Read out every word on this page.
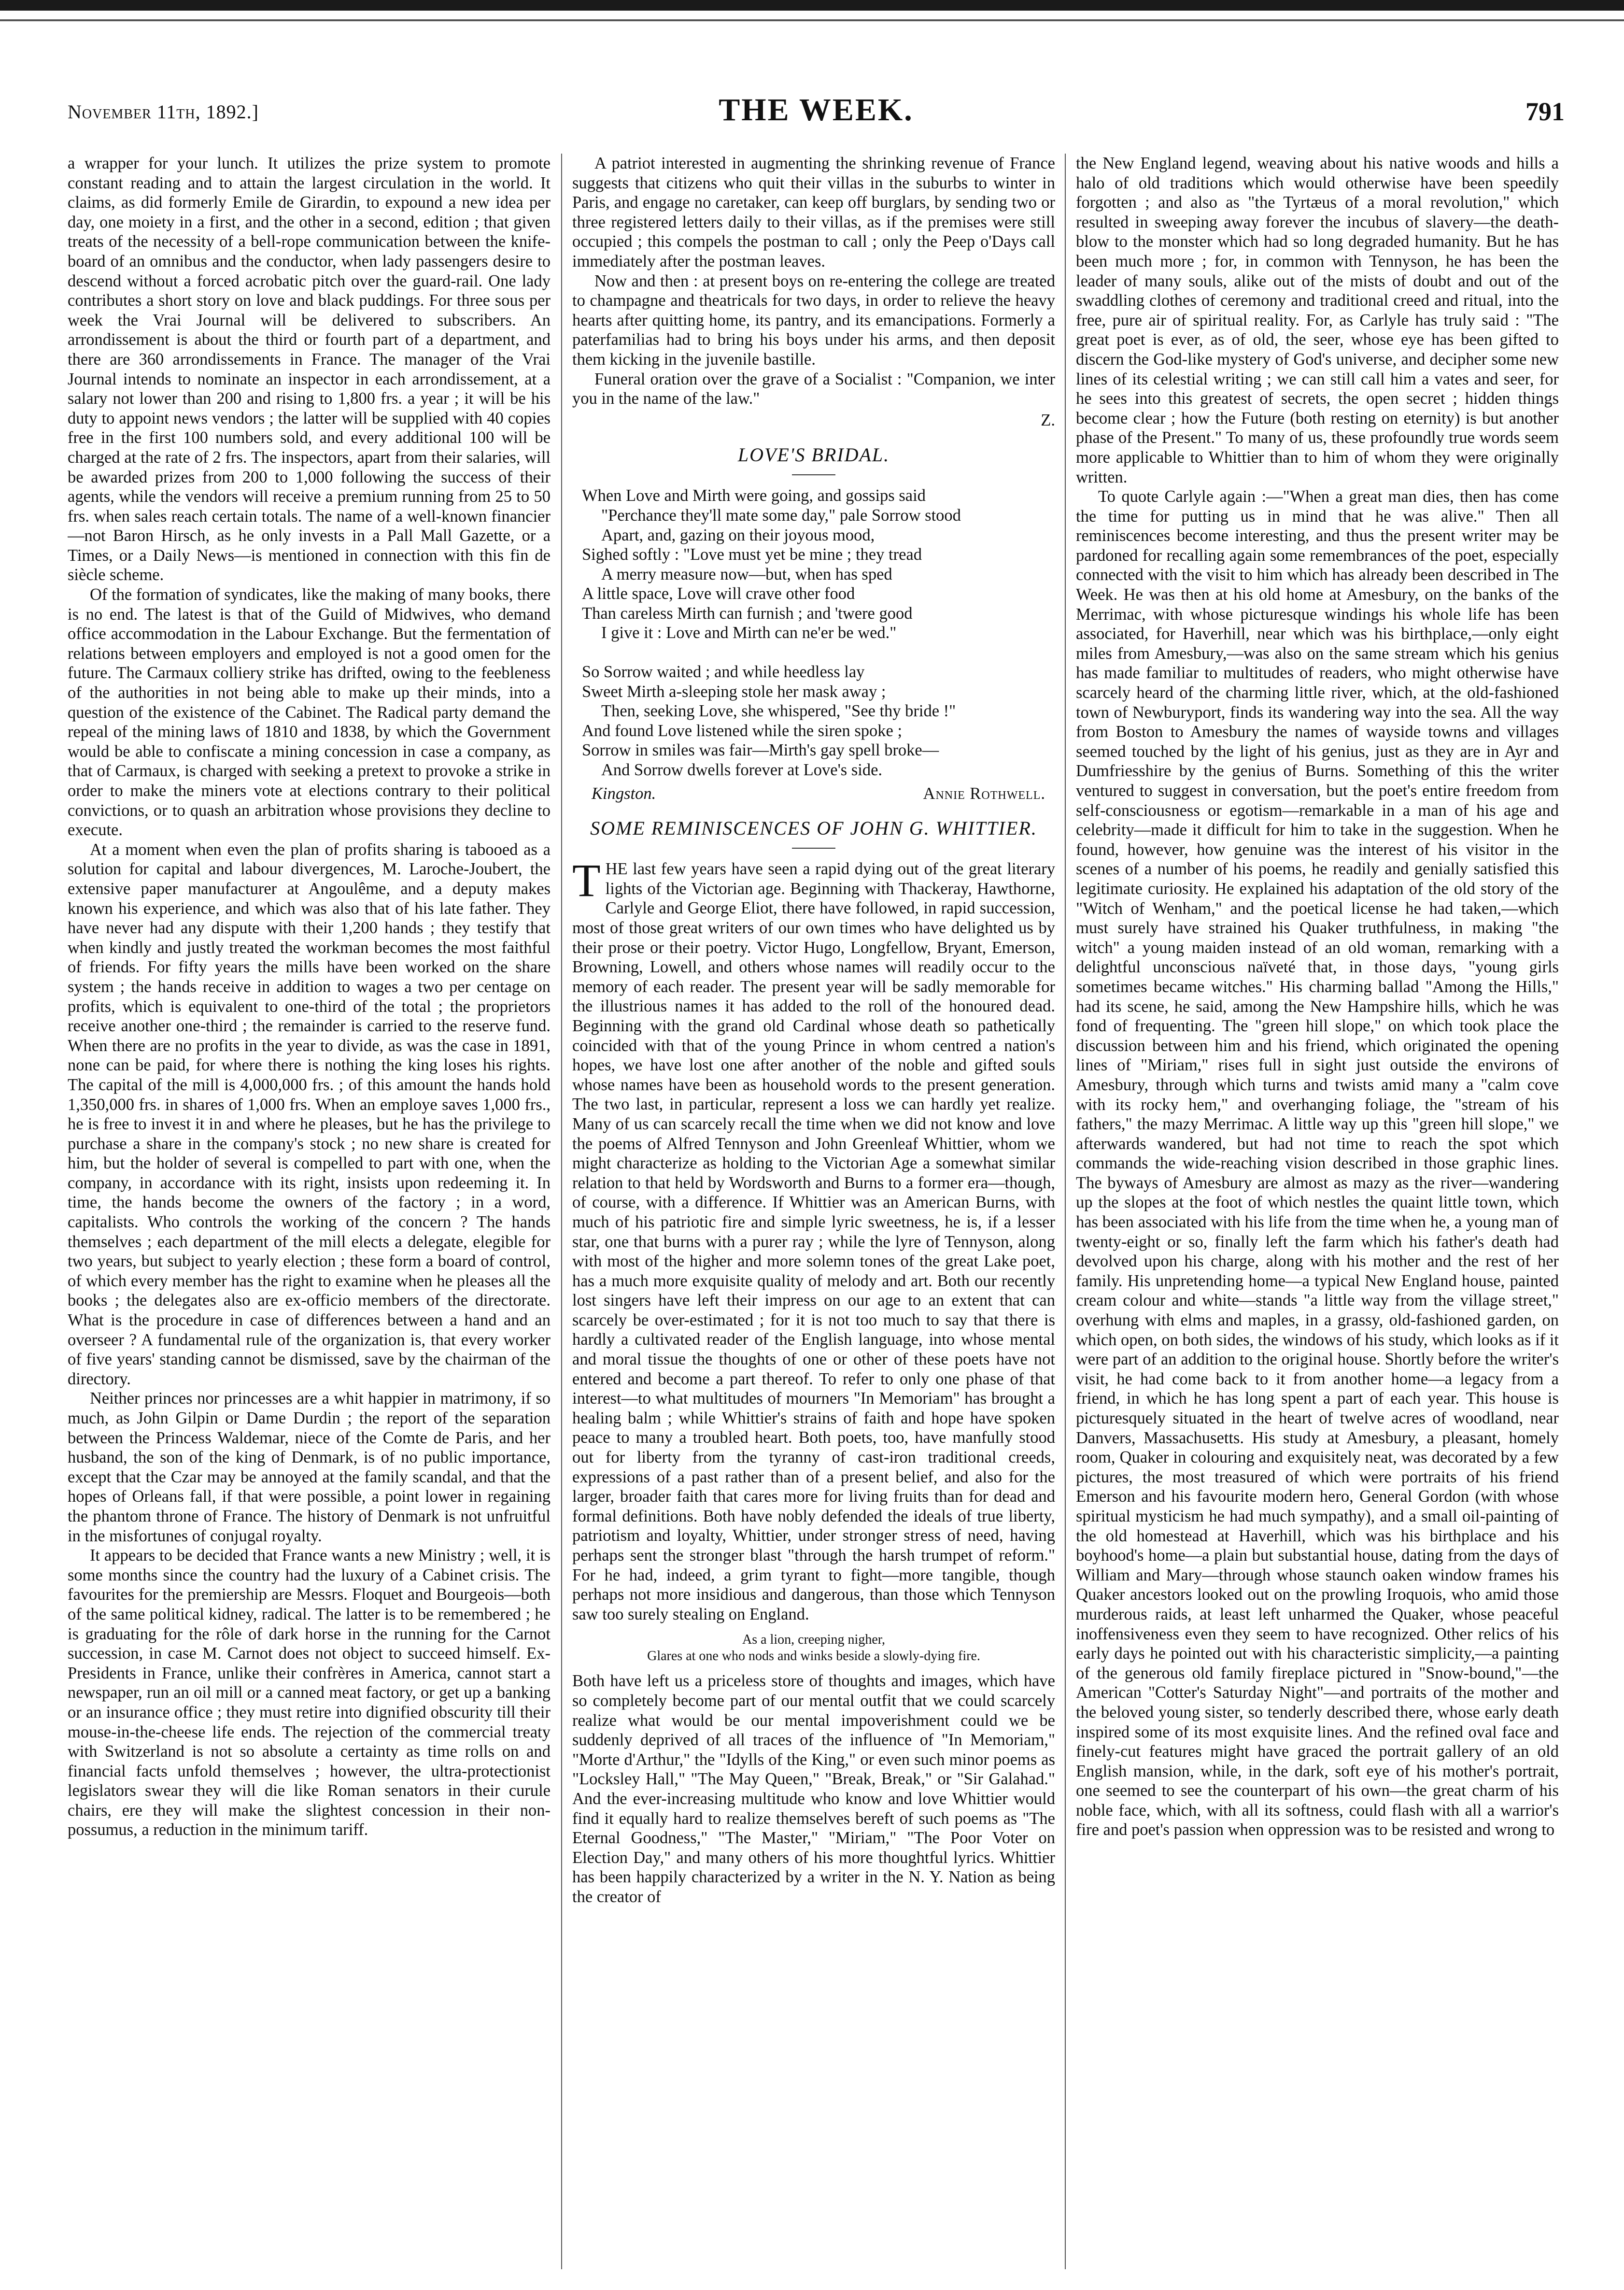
THE WEEK.
November 11th, 1892.]	791

a wrapper for your lunch. It utilizes the prize system to promote constant reading and to attain the largest circulation in the world. It claims, as did formerly Emile de Girardin, to expound a new idea per day, one moiety in a first, and the other in a second, edition ; that given treats of the necessity of a bell-rope communication between the knife-board of an omnibus and the conductor, when lady passengers desire to descend without a forced acrobatic pitch over the guard-rail. One lady contributes a short story on love and black puddings. For three sous per week the Vrai Journal will be delivered to subscribers. An arrondissement is about the third or fourth part of a department, and there are 360 arrondissements in France. The manager of the Vrai Journal intends to nominate an inspector in each arrondissement, at a salary not lower than 200 and rising to 1,800 frs. a year ; it will be his duty to appoint news vendors ; the latter will be supplied with 40 copies free in the first 100 numbers sold, and every additional 100 will be charged at the rate of 2 frs. The inspectors, apart from their salaries, will be awarded prizes from 200 to 1,000 following the success of their agents, while the vendors will receive a premium running from 25 to 50 frs. when sales reach certain totals. The name of a well-known financier—not Baron Hirsch, as he only invests in a Pall Mall Gazette, or a Times, or a Daily News—is mentioned in connection with this fin de siècle scheme.

Of the formation of syndicates, like the making of many books, there is no end. The latest is that of the Guild of Midwives, who demand office accommodation in the Labour Exchange. But the fermentation of relations between employers and employed is not a good omen for the future. The Carmaux colliery strike has drifted, owing to the feebleness of the authorities in not being able to make up their minds, into a question of the existence of the Cabinet. The Radical party demand the repeal of the mining laws of 1810 and 1838, by which the Government would be able to confiscate a mining concession in case a company, as that of Carmaux, is charged with seeking a pretext to provoke a strike in order to make the miners vote at elections contrary to their political convictions, or to quash an arbitration whose provisions they decline to execute.

At a moment when even the plan of profits sharing is tabooed as a solution for capital and labour divergences, M. Laroche-Joubert, the extensive paper manufacturer at Angoulême, and a deputy makes known his experience, and which was also that of his late father. They have never had any dispute with their 1,200 hands ; they testify that when kindly and justly treated the workman becomes the most faithful of friends. For fifty years the mills have been worked on the share system ; the hands receive in addition to wages a two per centage on profits, which is equivalent to one-third of the total ; the proprietors receive another one-third ; the remainder is carried to the reserve fund. When there are no profits in the year to divide, as was the case in 1891, none can be paid, for where there is nothing the king loses his rights. The capital of the mill is 4,000,000 frs. ; of this amount the hands hold 1,350,000 frs. in shares of 1,000 frs. When an employe saves 1,000 frs., he is free to invest it in and where he pleases, but he has the privilege to purchase a share in the company's stock ; no new share is created for him, but the holder of several is compelled to part with one, when the company, in accordance with its right, insists upon redeeming it. In time, the hands become the owners of the factory ; in a word, capitalists. Who controls the working of the concern ? The hands themselves ; each department of the mill elects a delegate, elegible for two years, but subject to yearly election ; these form a board of control, of which every member has the right to examine when he pleases all the books ; the delegates also are ex-officio members of the directorate. What is the procedure in case of differences between a hand and an overseer ? A fundamental rule of the organization is, that every worker of five years' standing cannot be dismissed, save by the chairman of the directory.

Neither princes nor princesses are a whit happier in matrimony, if so much, as John Gilpin or Dame Durdin ; the report of the separation between the Princess Waldemar, niece of the Comte de Paris, and her husband, the son of the king of Denmark, is of no public importance, except that the Czar may be annoyed at the family scandal, and that the hopes of Orleans fall, if that were possible, a point lower in regaining the phantom throne of France. The history of Denmark is not unfruitful in the misfortunes of conjugal royalty.

It appears to be decided that France wants a new Ministry ; well, it is some months since the country had the luxury of a Cabinet crisis. The favourites for the premiership are Messrs. Floquet and Bourgeois—both of the same political kidney, radical. The latter is to be remembered ; he is graduating for the rôle of dark horse in the running for the Carnot succession, in case M. Carnot does not object to succeed himself. Ex-Presidents in France, unlike their confrères in America, cannot start a newspaper, run an oil mill or a canned meat factory, or get up a banking or an insurance office ; they must retire into dignified obscurity till their mouse-in-the-cheese life ends. The rejection of the commercial treaty with Switzerland is not so absolute a certainty as time rolls on and financial facts unfold themselves ; however, the ultra-protectionist legislators swear they will die like Roman senators in their curule chairs, ere they will make the slightest concession in their non-possumus, a reduction in the minimum tariff.

A patriot interested in augmenting the shrinking revenue of France suggests that citizens who quit their villas in the suburbs to winter in Paris, and engage no caretaker, can keep off burglars, by sending two or three registered letters daily to their villas, as if the premises were still occupied ; this compels the postman to call ; only the Peep o'Days call immediately after the postman leaves.

Now and then : at present boys on re-entering the college are treated to champagne and theatricals for two days, in order to relieve the heavy hearts after quitting home, its pantry, and its emancipations. Formerly a paterfamilias had to bring his boys under his arms, and then deposit them kicking in the juvenile bastille.

Funeral oration over the grave of a Socialist : "Companion, we inter you in the name of the law."

Z.
LOVE'S BRIDAL.
When Love and Mirth were going, and gossips said
"Perchance they'll mate some day," pale Sorrow stood
Apart, and, gazing on their joyous mood,
Sighed softly : "Love must yet be mine ; they tread
A merry measure now—but, when has sped
A little space, Love will crave other food
Than careless Mirth can furnish ; and 'twere good
I give it : Love and Mirth can ne'er be wed."
So Sorrow waited ; and while heedless lay
Sweet Mirth a-sleeping stole her mask away ;
Then, seeking Love, she whispered, "See thy bride !"
And found Love listened while the siren spoke ;
Sorrow in smiles was fair—Mirth's gay spell broke—
And Sorrow dwells forever at Love's side.
Kingston.	Annie Rothwell.
SOME REMINISCENCES OF JOHN G. WHITTIER.

THE last few years have seen a rapid dying out of the great literary lights of the Victorian age. Beginning with Thackeray, Hawthorne, Carlyle and George Eliot, there have followed, in rapid succession, most of those great writers of our own times who have delighted us by their prose or their poetry. Victor Hugo, Longfellow, Bryant, Emerson, Browning, Lowell, and others whose names will readily occur to the memory of each reader. The present year will be sadly memorable for the illustrious names it has added to the roll of the honoured dead. Beginning with the grand old Cardinal whose death so pathetically coincided with that of the young Prince in whom centred a nation's hopes, we have lost one after another of the noble and gifted souls whose names have been as household words to the present generation. The two last, in particular, represent a loss we can hardly yet realize. Many of us can scarcely recall the time when we did not know and love the poems of Alfred Tennyson and John Greenleaf Whittier, whom we might characterize as holding to the Victorian Age a somewhat similar relation to that held by Wordsworth and Burns to a former era—though, of course, with a difference. If Whittier was an American Burns, with much of his patriotic fire and simple lyric sweetness, he is, if a lesser star, one that burns with a purer ray ; while the lyre of Tennyson, along with most of the higher and more solemn tones of the great Lake poet, has a much more exquisite quality of melody and art. Both our recently lost singers have left their impress on our age to an extent that can scarcely be over-estimated ; for it is not too much to say that there is hardly a cultivated reader of the English language, into whose mental and moral tissue the thoughts of one or other of these poets have not entered and become a part thereof. To refer to only one phase of that interest—to what multitudes of mourners "In Memoriam" has brought a healing balm ; while Whittier's strains of faith and hope have spoken peace to many a troubled heart. Both poets, too, have manfully stood out for liberty from the tyranny of cast-iron traditional creeds, expressions of a past rather than of a present belief, and also for the larger, broader faith that cares more for living fruits than for dead and formal definitions. Both have nobly defended the ideals of true liberty, patriotism and loyalty, Whittier, under stronger stress of need, having perhaps sent the stronger blast "through the harsh trumpet of reform." For he had, indeed, a grim tyrant to fight—more tangible, though perhaps not more insidious and dangerous, than those which Tennyson saw too surely stealing on England.

As a lion, creeping nigher,
Glares at one who nods and winks beside a slowly-dying fire.

Both have left us a priceless store of thoughts and images, which have so completely become part of our mental outfit that we could scarcely realize what would be our mental impoverishment could we be suddenly deprived of all traces of the influence of "In Memoriam," "Morte d'Arthur," the "Idylls of the King," or even such minor poems as "Locksley Hall," "The May Queen," "Break, Break," or "Sir Galahad." And the ever-increasing multitude who know and love Whittier would find it equally hard to realize themselves bereft of such poems as "The Eternal Goodness," "The Master," "Miriam," "The Poor Voter on Election Day," and many others of his more thoughtful lyrics. Whittier has been happily characterized by a writer in the N. Y. Nation as being the creator of

the New England legend, weaving about his native woods and hills a halo of old traditions which would otherwise have been speedily forgotten ; and also as "the Tyrtæus of a moral revolution," which resulted in sweeping away forever the incubus of slavery—the death-blow to the monster which had so long degraded humanity. But he has been much more ; for, in common with Tennyson, he has been the leader of many souls, alike out of the mists of doubt and out of the swaddling clothes of ceremony and traditional creed and ritual, into the free, pure air of spiritual reality. For, as Carlyle has truly said : "The great poet is ever, as of old, the seer, whose eye has been gifted to discern the God-like mystery of God's universe, and decipher some new lines of its celestial writing ; we can still call him a vates and seer, for he sees into this greatest of secrets, the open secret ; hidden things become clear ; how the Future (both resting on eternity) is but another phase of the Present." To many of us, these profoundly true words seem more applicable to Whittier than to him of whom they were originally written.

To quote Carlyle again :—"When a great man dies, then has come the time for putting us in mind that he was alive." Then all reminiscences become interesting, and thus the present writer may be pardoned for recalling again some remembrances of the poet, especially connected with the visit to him which has already been described in The Week. He was then at his old home at Amesbury, on the banks of the Merrimac, with whose picturesque windings his whole life has been associated, for Haverhill, near which was his birthplace,—only eight miles from Amesbury,—was also on the same stream which his genius has made familiar to multitudes of readers, who might otherwise have scarcely heard of the charming little river, which, at the old-fashioned town of Newburyport, finds its wandering way into the sea. All the way from Boston to Amesbury the names of wayside towns and villages seemed touched by the light of his genius, just as they are in Ayr and Dumfriesshire by the genius of Burns. Something of this the writer ventured to suggest in conversation, but the poet's entire freedom from self-consciousness or egotism—remarkable in a man of his age and celebrity—made it difficult for him to take in the suggestion. When he found, however, how genuine was the interest of his visitor in the scenes of a number of his poems, he readily and genially satisfied this legitimate curiosity. He explained his adaptation of the old story of the "Witch of Wenham," and the poetical license he had taken,—which must surely have strained his Quaker truthfulness, in making "the witch" a young maiden instead of an old woman, remarking with a delightful unconscious naïveté that, in those days, "young girls sometimes became witches." His charming ballad "Among the Hills," had its scene, he said, among the New Hampshire hills, which he was fond of frequenting. The "green hill slope," on which took place the discussion between him and his friend, which originated the opening lines of "Miriam," rises full in sight just outside the environs of Amesbury, through which turns and twists amid many a "calm cove with its rocky hem," and overhanging foliage, the "stream of his fathers," the mazy Merrimac. A little way up this "green hill slope," we afterwards wandered, but had not time to reach the spot which commands the wide-reaching vision described in those graphic lines. The byways of Amesbury are almost as mazy as the river—wandering up the slopes at the foot of which nestles the quaint little town, which has been associated with his life from the time when he, a young man of twenty-eight or so, finally left the farm which his father's death had devolved upon his charge, along with his mother and the rest of her family. His unpretending home—a typical New England house, painted cream colour and white—stands "a little way from the village street," overhung with elms and maples, in a grassy, old-fashioned garden, on which open, on both sides, the windows of his study, which looks as if it were part of an addition to the original house. Shortly before the writer's visit, he had come back to it from another home—a legacy from a friend, in which he has long spent a part of each year. This house is picturesquely situated in the heart of twelve acres of woodland, near Danvers, Massachusetts. His study at Amesbury, a pleasant, homely room, Quaker in colouring and exquisitely neat, was decorated by a few pictures, the most treasured of which were portraits of his friend Emerson and his favourite modern hero, General Gordon (with whose spiritual mysticism he had much sympathy), and a small oil-painting of the old homestead at Haverhill, which was his birthplace and his boyhood's home—a plain but substantial house, dating from the days of William and Mary—through whose staunch oaken window frames his Quaker ancestors looked out on the prowling Iroquois, who amid those murderous raids, at least left unharmed the Quaker, whose peaceful inoffensiveness even they seem to have recognized. Other relics of his early days he pointed out with his characteristic simplicity,—a painting of the generous old family fireplace pictured in "Snow-bound,"—the American "Cotter's Saturday Night"—and portraits of the mother and the beloved young sister, so tenderly described there, whose early death inspired some of its most exquisite lines. And the refined oval face and finely-cut features might have graced the portrait gallery of an old English mansion, while, in the dark, soft eye of his mother's portrait, one seemed to see the counterpart of his own—the great charm of his noble face, which, with all its softness, could flash with all a warrior's fire and poet's passion when oppression was to be resisted and wrong to
